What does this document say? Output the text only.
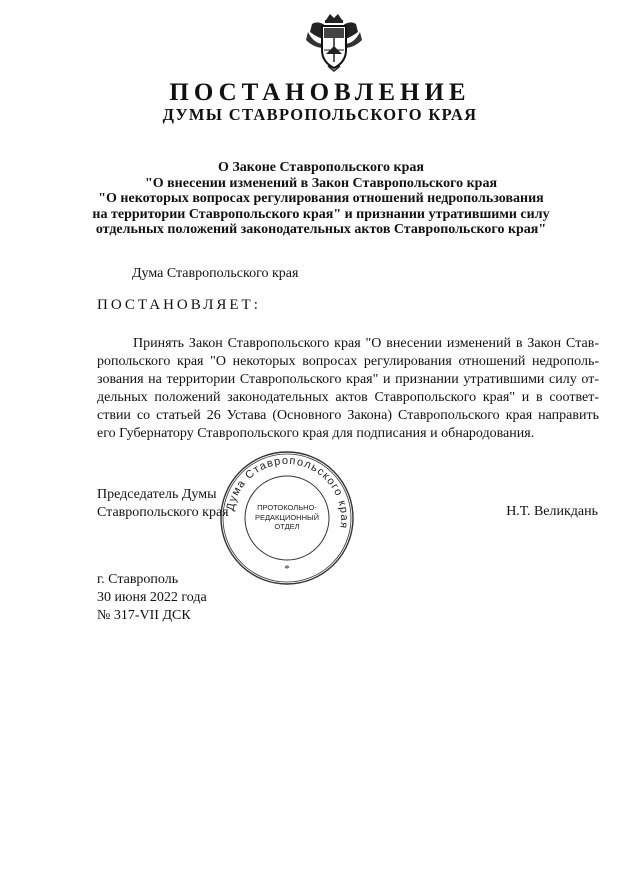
ПОСТАНОВЛЕНИЕ
ДУМЫ СТАВРОПОЛЬСКОГО КРАЯ
О Законе Ставропольского края
"О внесении изменений в Закон Ставропольского края
"О некоторых вопросах регулирования отношений недропользования
на территории Ставропольского края" и признании утратившими силу
отдельных положений законодательных актов Ставропольского края"
Дума Ставропольского края
ПОСТАНОВЛЯЕТ:
Принять Закон Ставропольского края "О внесении изменений в Закон Став-
ропольского края "О некоторых вопросах регулирования отношений недрополь-
зования на территории Ставропольского края" и признании утратившими силу от-
дельных положений законодательных актов Ставропольского края" и в соответ-
ствии со статьей 26 Устава (Основного Закона) Ставропольского края направить
его Губернатору Ставропольского края для подписания и обнародования.
Председатель Думы
Ставропольского края
Дума Ставропольского края
*
ПРОТОКОЛЬНО-
РЕДАКЦИОННЫЙ
ОТДЕЛ
Н.Т. Великдань
г. Ставрополь
30 июня 2022 года
№ 317-VII ДСК
